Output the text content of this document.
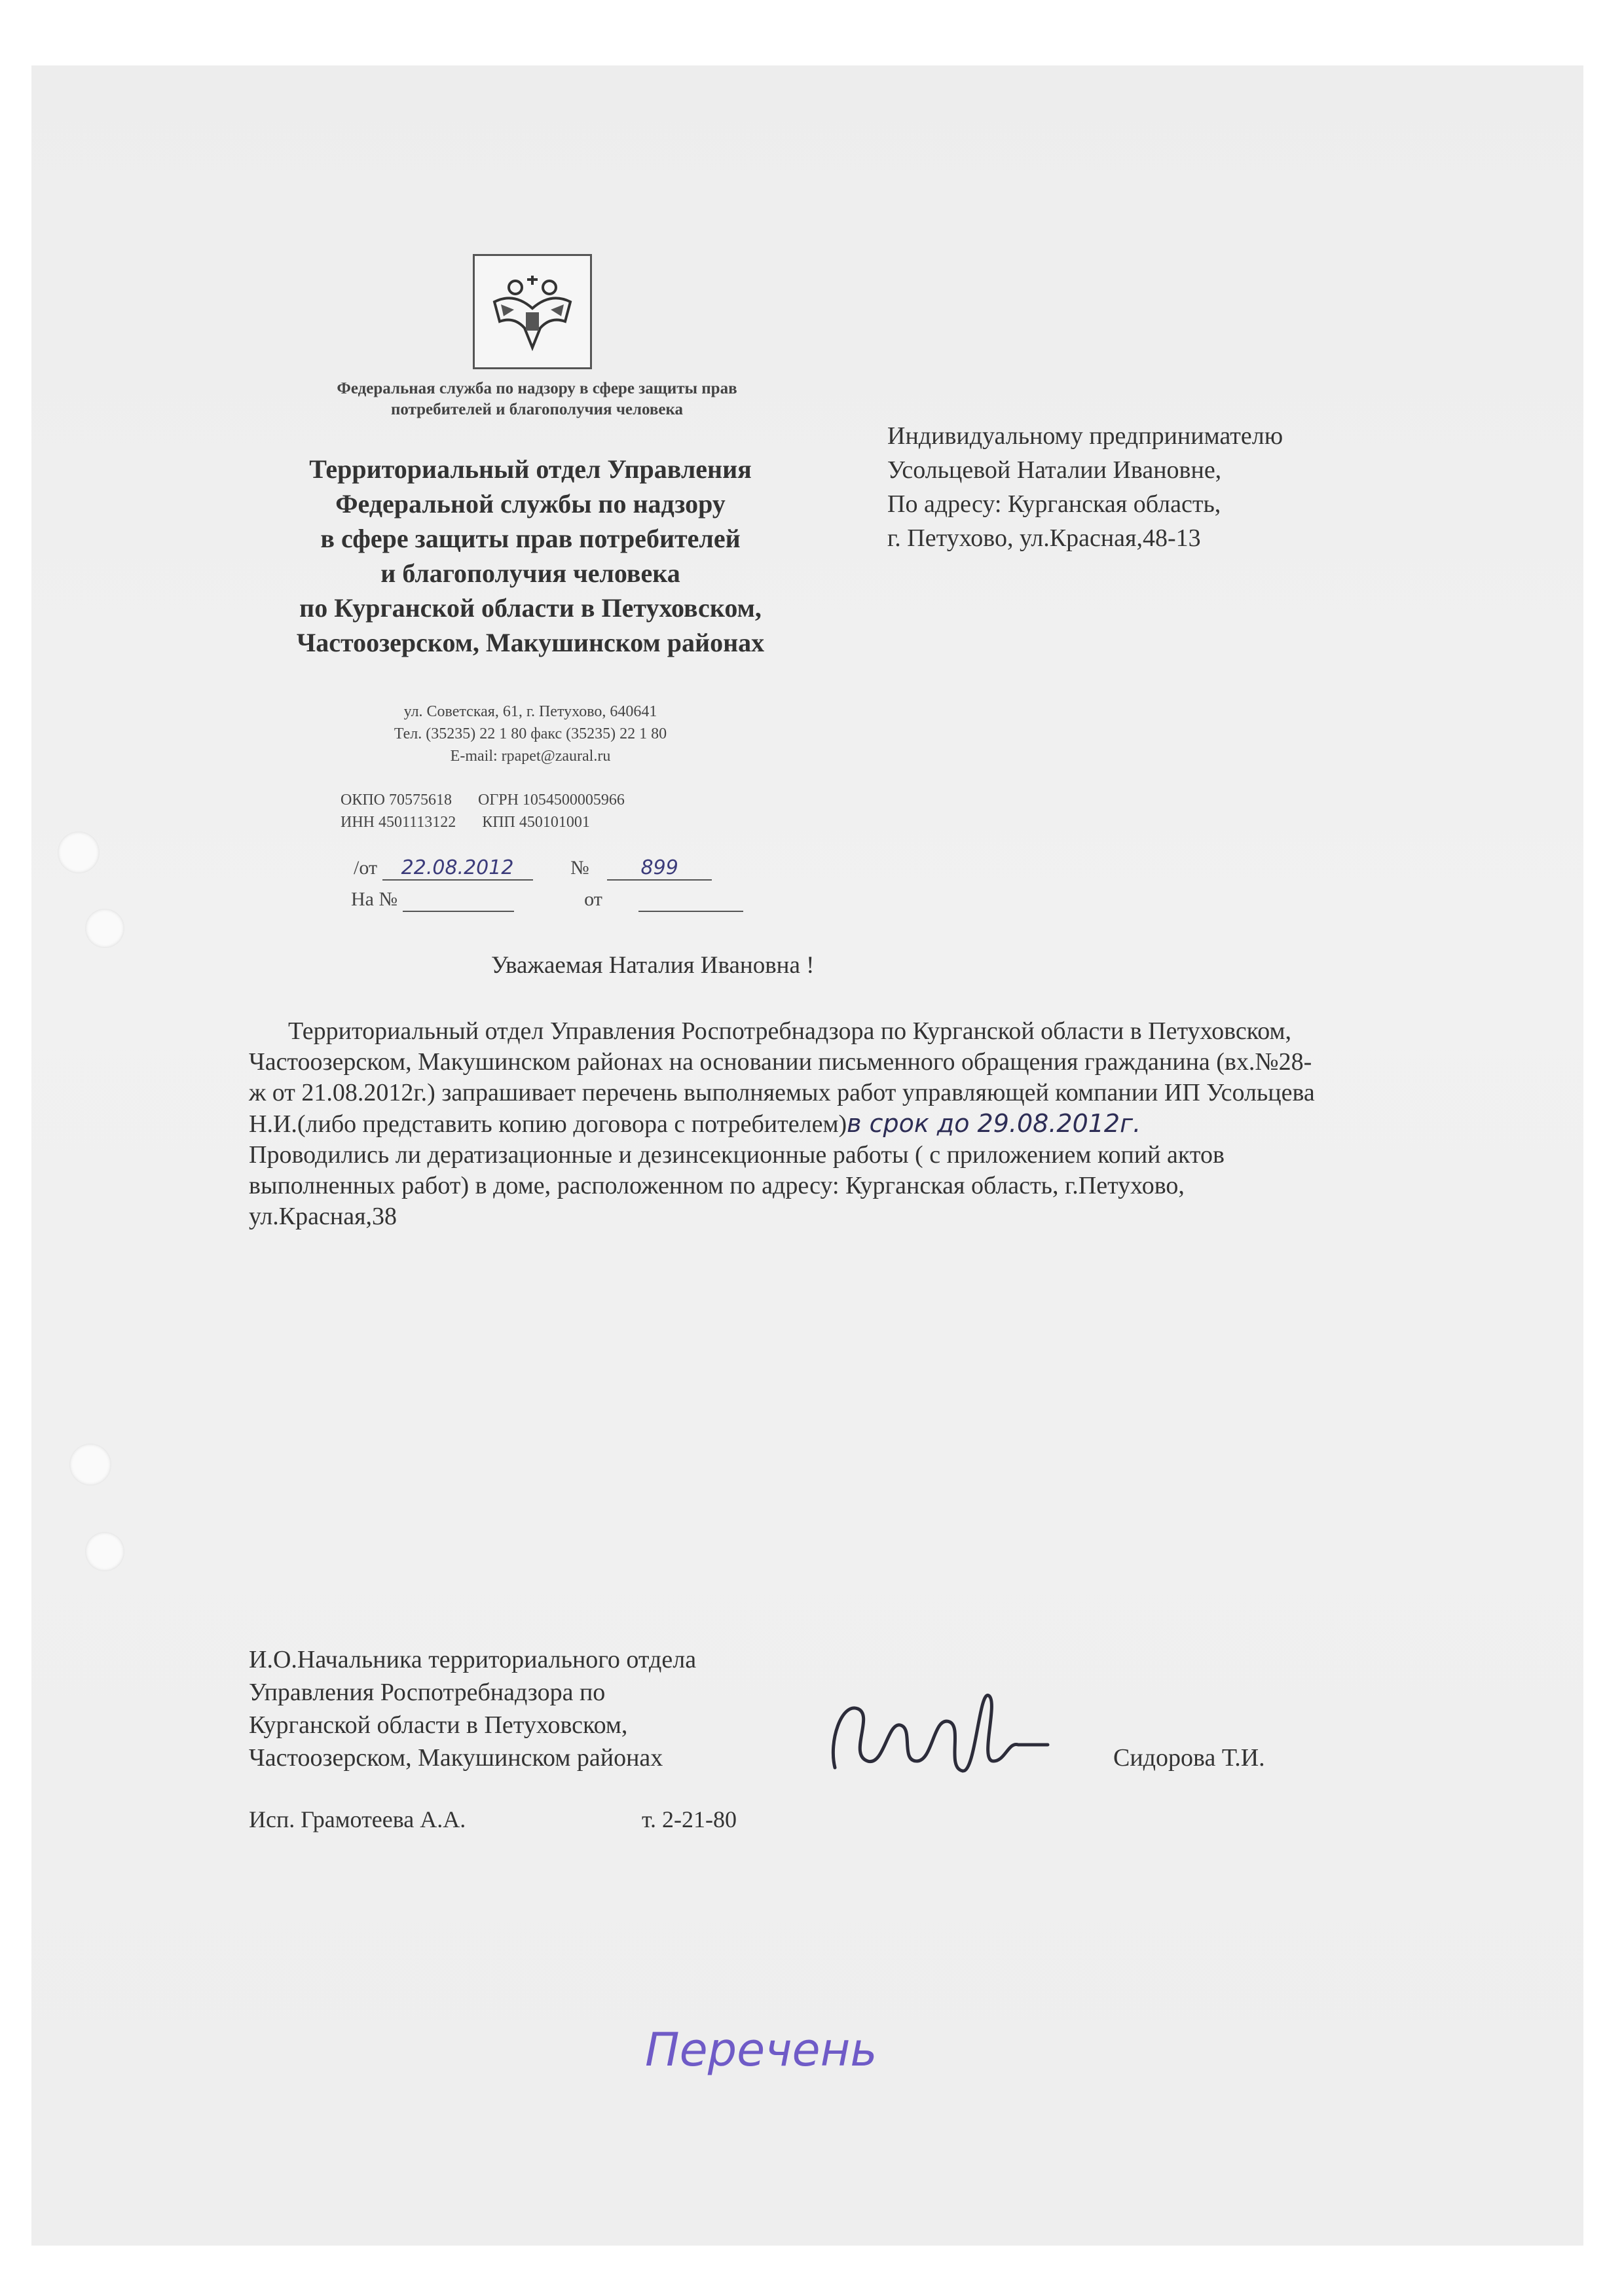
Федеральная служба по надзору в сфере защиты прав
потребителей и благополучия человека
Территориальный отдел Управления
Федеральной службы по надзору
в сфере защиты прав потребителей
и благополучия человека
по Курганской области в Петуховском,
Частоозерском, Макушинском районах
Индивидуальному предпринимателю
Усольцевой Наталии Ивановне,
По адресу: Курганская область,
г. Петухово, ул.Красная,48-13
ул. Советская, 61, г. Петухово, 640641
Тел. (35235) 22 1 80 факс (35235) 22 1 80
E-mail: rpapet@zaural.ru
ОКПО 70575618 ОГРН 1054500005966
ИНН 4501113122 КПП 450101001
/от 22.08.2012	№	899
На №	от
Уважаемая Наталия Ивановна !

Территориальный отдел Управления Роспотребнадзора по Курганской области в Петуховском, Частоозерском, Макушинском районах на основании письменного обращения гражданина (вх.№28-ж от 21.08.2012г.) запрашивает перечень выполняемых работ управляющей компании ИП Усольцева Н.И.(либо представить копию договора с потребителем)в срок до 29.08.2012г.

Проводились ли дератизационные и дезинсекционные работы ( с приложением копий актов выполненных работ) в доме, расположенном по адресу: Курганская область, г.Петухово, ул.Красная,38

И.О.Начальника территориального отдела
Управления Роспотребнадзора по
Курганской области в Петуховском,
Частоозерском, Макушинском районах	Сидорова Т.И.
Исп. Грамотеева А.А.	т. 2-21-80
Перечень
